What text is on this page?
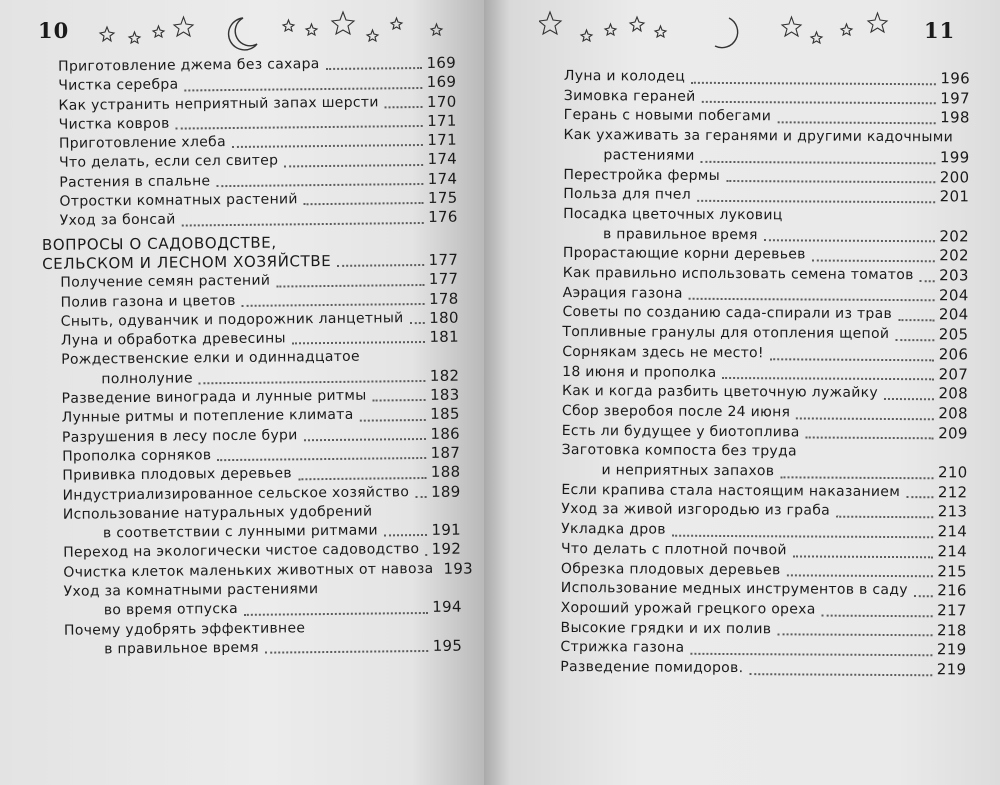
10
Приготовление джема без сахара	169
Чистка серебра	169
Как устранить неприятный запах шерсти	170
Чистка ковров	171
Приготовление хлеба	171
Что делать, если сел свитер	174
Растения в спальне	174
Отростки комнатных растений	175
Уход за бонсай	176
ВОПРОСЫ О САДОВОДСТВЕ,
СЕЛЬСКОМ И ЛЕСНОМ ХОЗЯЙСТВЕ	177
Получение семян растений	177
Полив газона и цветов	178
Сныть, одуванчик и подорожник ланцетный 180
Луна и обработка древесины	181
Рождественские елки и одиннадцатое
полнолуние	182
Разведение винограда и лунные ритмы	183
Лунные ритмы и потепление климата	185
Разрушения в лесу после бури	186
Прополка сорняков	187
Прививка плодовых деревьев	188
Индустриализированное сельское хозяйство 189
Использование натуральных удобрений
в соответствии с лунными ритмами	191
Переход на экологически чистое садоводство 192
Очистка клеток маленьких животных от навоза 193
Уход за комнатными растениями
во время отпуска	194
Почему удобрять эффективнее
в правильное время	195
11
Луна и колодец	196
Зимовка гераней	197
Герань с новыми побегами	198
Как ухаживать за геранями и другими кадочными
растениями	199
Перестройка фермы	200
Польза для пчел	201
Посадка цветочных луковиц
в правильное время	202
Прорастающие корни деревьев	202
Как правильно использовать семена томатов 203
Аэрация газона	204
Советы по созданию сада-спирали из трав	204
Топливные гранулы для отопления щепой	205
Сорнякам здесь не место!	206
18 июня и прополка	207
Как и когда разбить цветочную лужайку	208
Сбор зверобоя после 24 июня	208
Есть ли будущее у биотоплива	209
Заготовка компоста без труда
и неприятных запахов	210
Если крапива стала настоящим наказанием	212
Уход за живой изгородью из граба	213
Укладка дров	214
Что делать с плотной почвой	214
Обрезка плодовых деревьев	215
Использование медных инструментов в саду 216
Хороший урожай грецкого ореха	217
Высокие грядки и их полив	218
Стрижка газона	219
Разведение помидоров.	219
